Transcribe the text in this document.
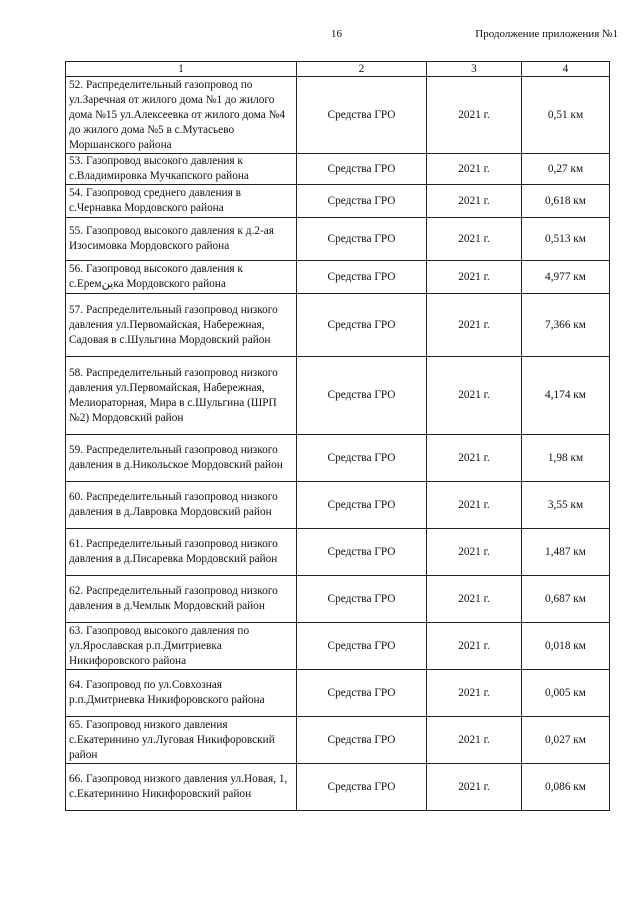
16	Продолжение приложения №1
1	2	3	4
52. Распределительный газопровод по ул.Заречная от жилого дома №1 до жилого дома №15 ул.Алексеевка от жилого дома №4 до жилого дома №5 в с.Мутасьево Моршанского района	Средства ГРО	2021 г.	0,51 км
53. Газопровод высокого давления к с.Владимировка Мучкапского района	Средства ГРО	2021 г.	0,27 км
54. Газопровод среднего давления в с.Чернавка Мордовского района	Средства ГРО	2021 г.	0,618 км
55. Газопровод высокого давления к д.2-ая Изосимовка Мордовского района	Средства ГРО	2021 г.	0,513 км
56. Газопровод высокого давления к с.Еремينка Мордовского района	Средства ГРО	2021 г.	4,977 км
57. Распределительный газопровод низкого давления ул.Первомайская, Набережная, Садовая в с.Шульгина Мордовский район	Средства ГРО	2021 г.	7,366 км
58. Распределительный газопровод низкого давления ул.Первомайская, Набережная, Мелиораторная, Мира в с.Шульгина (ШРП №2) Мордовский район	Средства ГРО	2021 г.	4,174 км
59. Распределительный газопровод низкого давления в д.Никольское Мордовский район	Средства ГРО	2021 г.	1,98 км
60. Распределительный газопровод низкого давления в д.Лавровка Мордовский район	Средства ГРО	2021 г.	3,55 км
61. Распределительный газопровод низкого давления в д.Писаревка Мордовский район	Средства ГРО	2021 г.	1,487 км
62. Распределительный газопровод низкого давления в д.Чемлык Мордовский район	Средства ГРО	2021 г.	0,687 км
63. Газопровод высокого давления по ул.Ярославская р.п.Дмитриевка Никифоровского района	Средства ГРО	2021 г.	0,018 км
64. Газопровод по ул.Совхозная р.п.Дмитриевка Никифоровского района	Средства ГРО	2021 г.	0,005 км
65. Газопровод низкого давления с.Екатеринино ул.Луговая Никифоровский район	Средства ГРО	2021 г.	0,027 км
66. Газопровод низкого давления ул.Новая, 1, с.Екатеринино Никифоровский район	Средства ГРО	2021 г.	0,086 км
